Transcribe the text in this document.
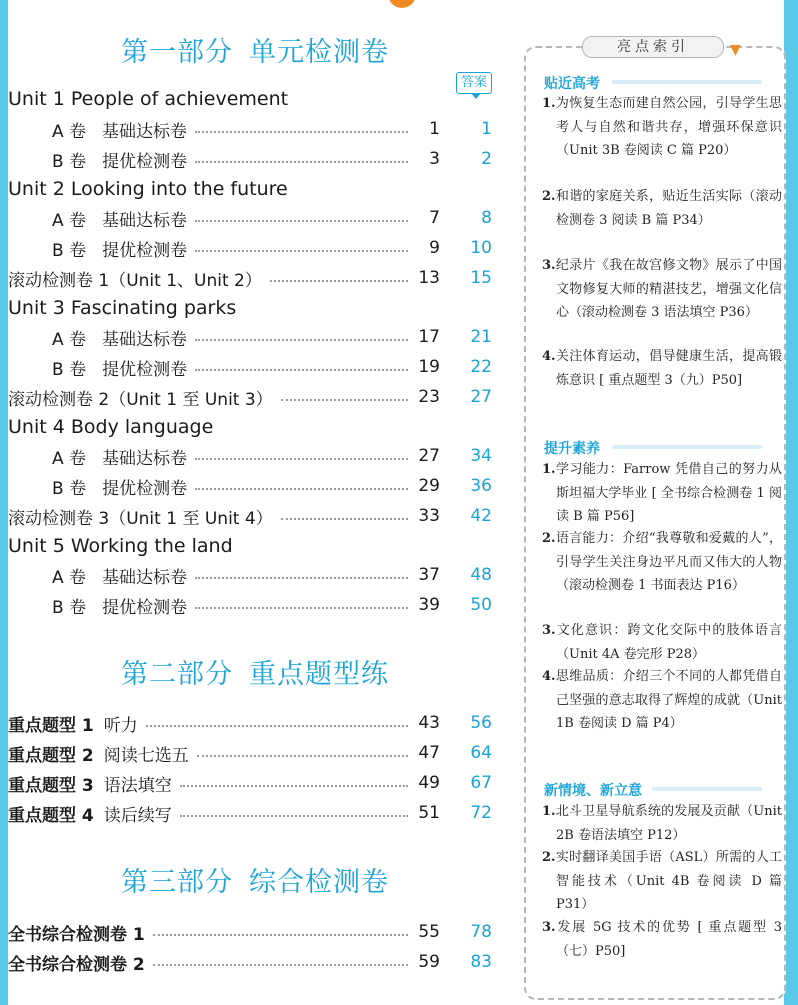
第一部分 单元检测卷
答案
Unit 1 People of achievement
A 卷 基础达标卷	1	1
B 卷 提优检测卷	3	2
Unit 2 Looking into the future
A 卷 基础达标卷	7	8
B 卷 提优检测卷	9	10
滚动检测卷 1（Unit 1、Unit 2）	13	15
Unit 3 Fascinating parks
A 卷 基础达标卷	17	21
B 卷 提优检测卷	19	22
滚动检测卷 2（Unit 1 至 Unit 3）	23	27
Unit 4 Body language
A 卷 基础达标卷	27	34
B 卷 提优检测卷	29	36
滚动检测卷 3（Unit 1 至 Unit 4）	33	42
Unit 5 Working the land
A 卷 基础达标卷	37	48
B 卷 提优检测卷	39	50
第二部分 重点题型练
重点题型 1 听力	43	56
重点题型 2 阅读七选五	47	64
重点题型 3 语法填空	49	67
重点题型 4 读后续写	51	72
第三部分 综合检测卷
全书综合检测卷 1	55	78
全书综合检测卷 2	59	83
亮点索引	▼
贴近高考
1.为恢复生态而建自然公园，引导学生思考人与自然和谐共存，增强环保意识（Unit 3B 卷阅读 C 篇 P20）
2.和谐的家庭关系，贴近生活实际（滚动检测卷 3 阅读 B 篇 P34）
3.纪录片《我在故宫修文物》展示了中国文物修复大师的精湛技艺，增强文化信心（滚动检测卷 3 语法填空 P36）
4.关注体育运动，倡导健康生活，提高锻炼意识 [ 重点题型 3（九）P50]
提升素养
1.学习能力：Farrow 凭借自己的努力从斯坦福大学毕业 [ 全书综合检测卷 1 阅读 B 篇 P56]
2.语言能力：介绍“我尊敬和爱戴的人”，引导学生关注身边平凡而又伟大的人物（滚动检测卷 1 书面表达 P16）
3.文化意识：跨文化交际中的肢体语言（Unit 4A 卷完形 P28）
4.思维品质：介绍三个不同的人都凭借自己坚强的意志取得了辉煌的成就（Unit 1B 卷阅读 D 篇 P4）
新情境、新立意
1.北斗卫星导航系统的发展及贡献（Unit 2B 卷语法填空 P12）
2.实时翻译美国手语（ASL）所需的人工智能技术（Unit 4B 卷阅读 D 篇 P31）
3.发展 5G 技术的优势 [ 重点题型 3（七）P50]
